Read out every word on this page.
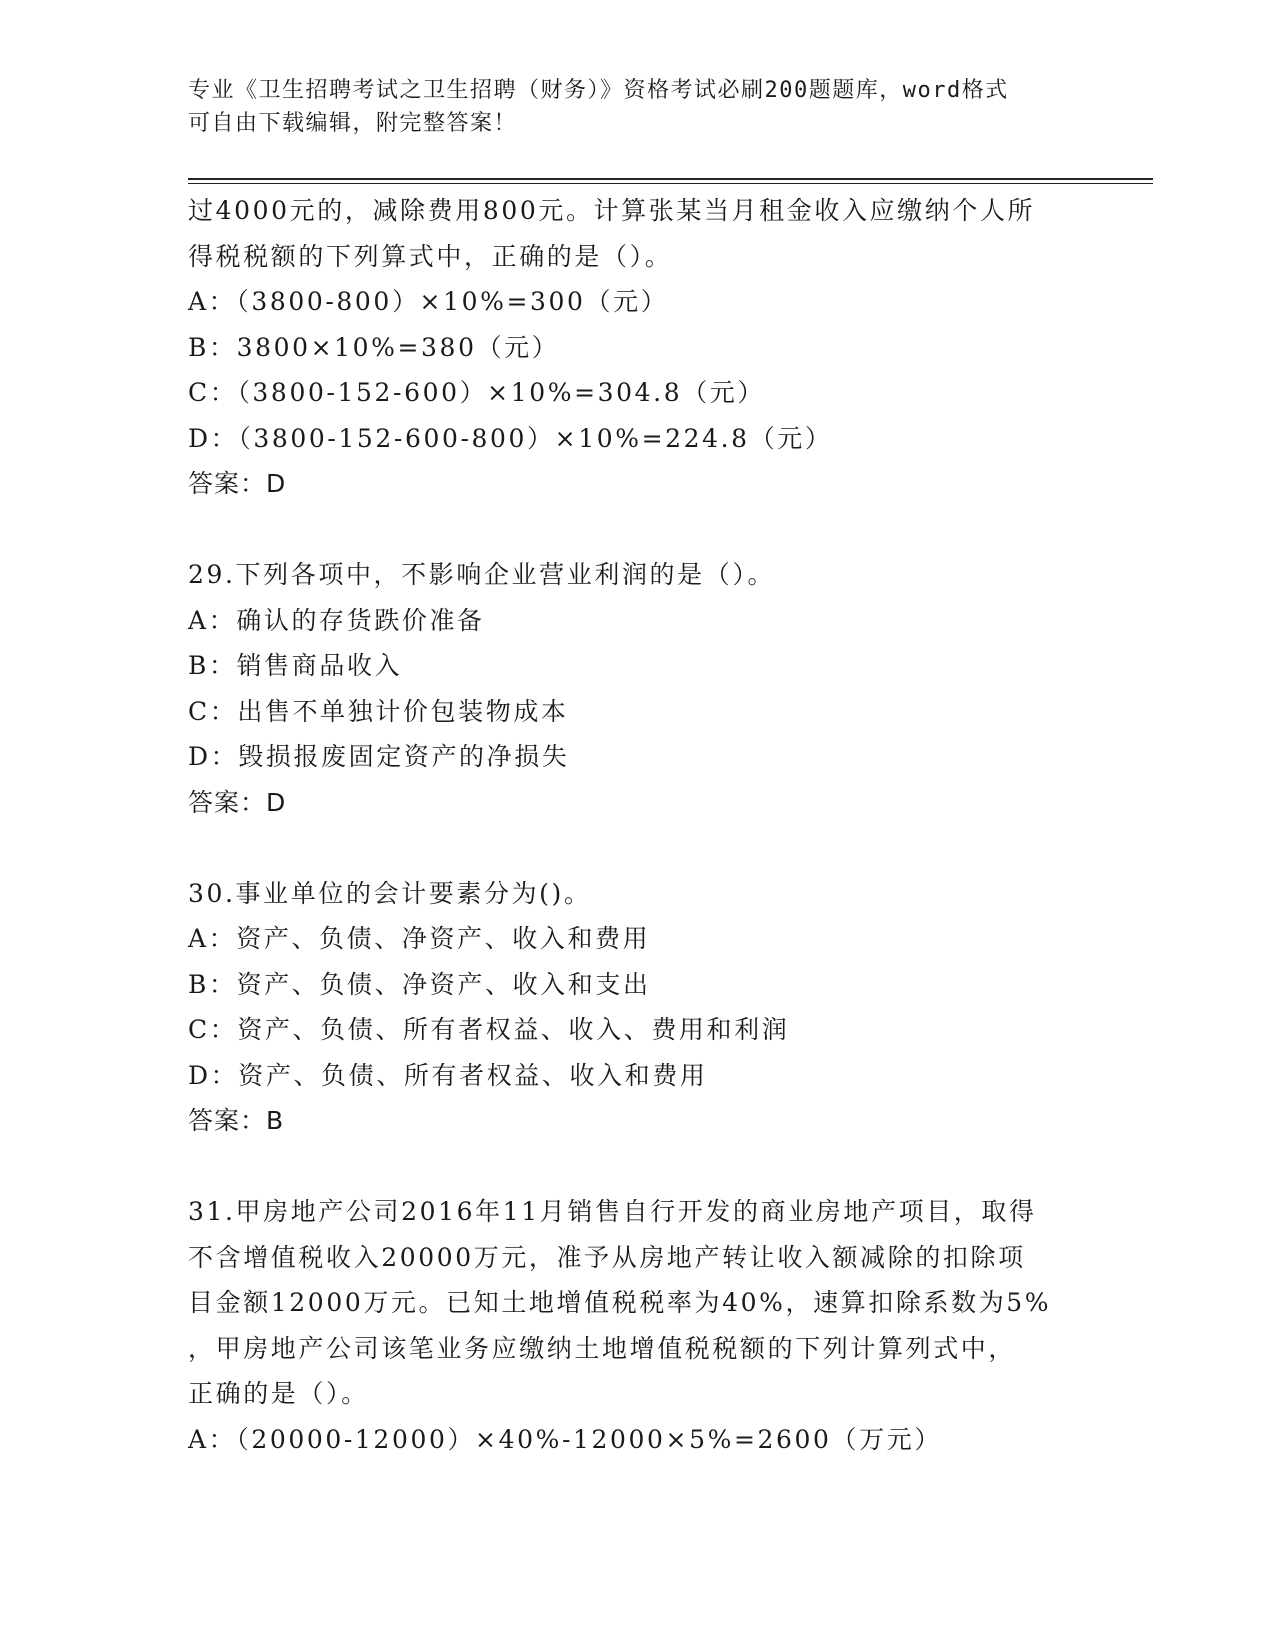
专业《卫生招聘考试之卫生招聘（财务）》资格考试必刷200题题库，word格式
可自由下载编辑，附完整答案！
过4000元的，减除费用800元。计算张某当月租金收入应缴纳个人所
得税税额的下列算式中，正确的是（）。
A：（3800-800）×10%=300（元）
B：3800×10%=380（元）
C：（3800-152-600）×10%=304.8（元）
D：（3800-152-600-800）×10%=224.8（元）
答案：D
29.下列各项中，不影响企业营业利润的是（）。
A：确认的存货跌价准备
B：销售商品收入
C：出售不单独计价包装物成本
D：毁损报废固定资产的净损失
答案：D
30.事业单位的会计要素分为()。
A：资产、负债、净资产、收入和费用
B：资产、负债、净资产、收入和支出
C：资产、负债、所有者权益、收入、费用和利润
D：资产、负债、所有者权益、收入和费用
答案：B
31.甲房地产公司2016年11月销售自行开发的商业房地产项目，取得
不含增值税收入20000万元，准予从房地产转让收入额减除的扣除项
目金额12000万元。已知土地增值税税率为40%，速算扣除系数为5%
，甲房地产公司该笔业务应缴纳土地增值税税额的下列计算列式中，
正确的是（）。
A：（20000-12000）×40%-12000×5%=2600（万元）
